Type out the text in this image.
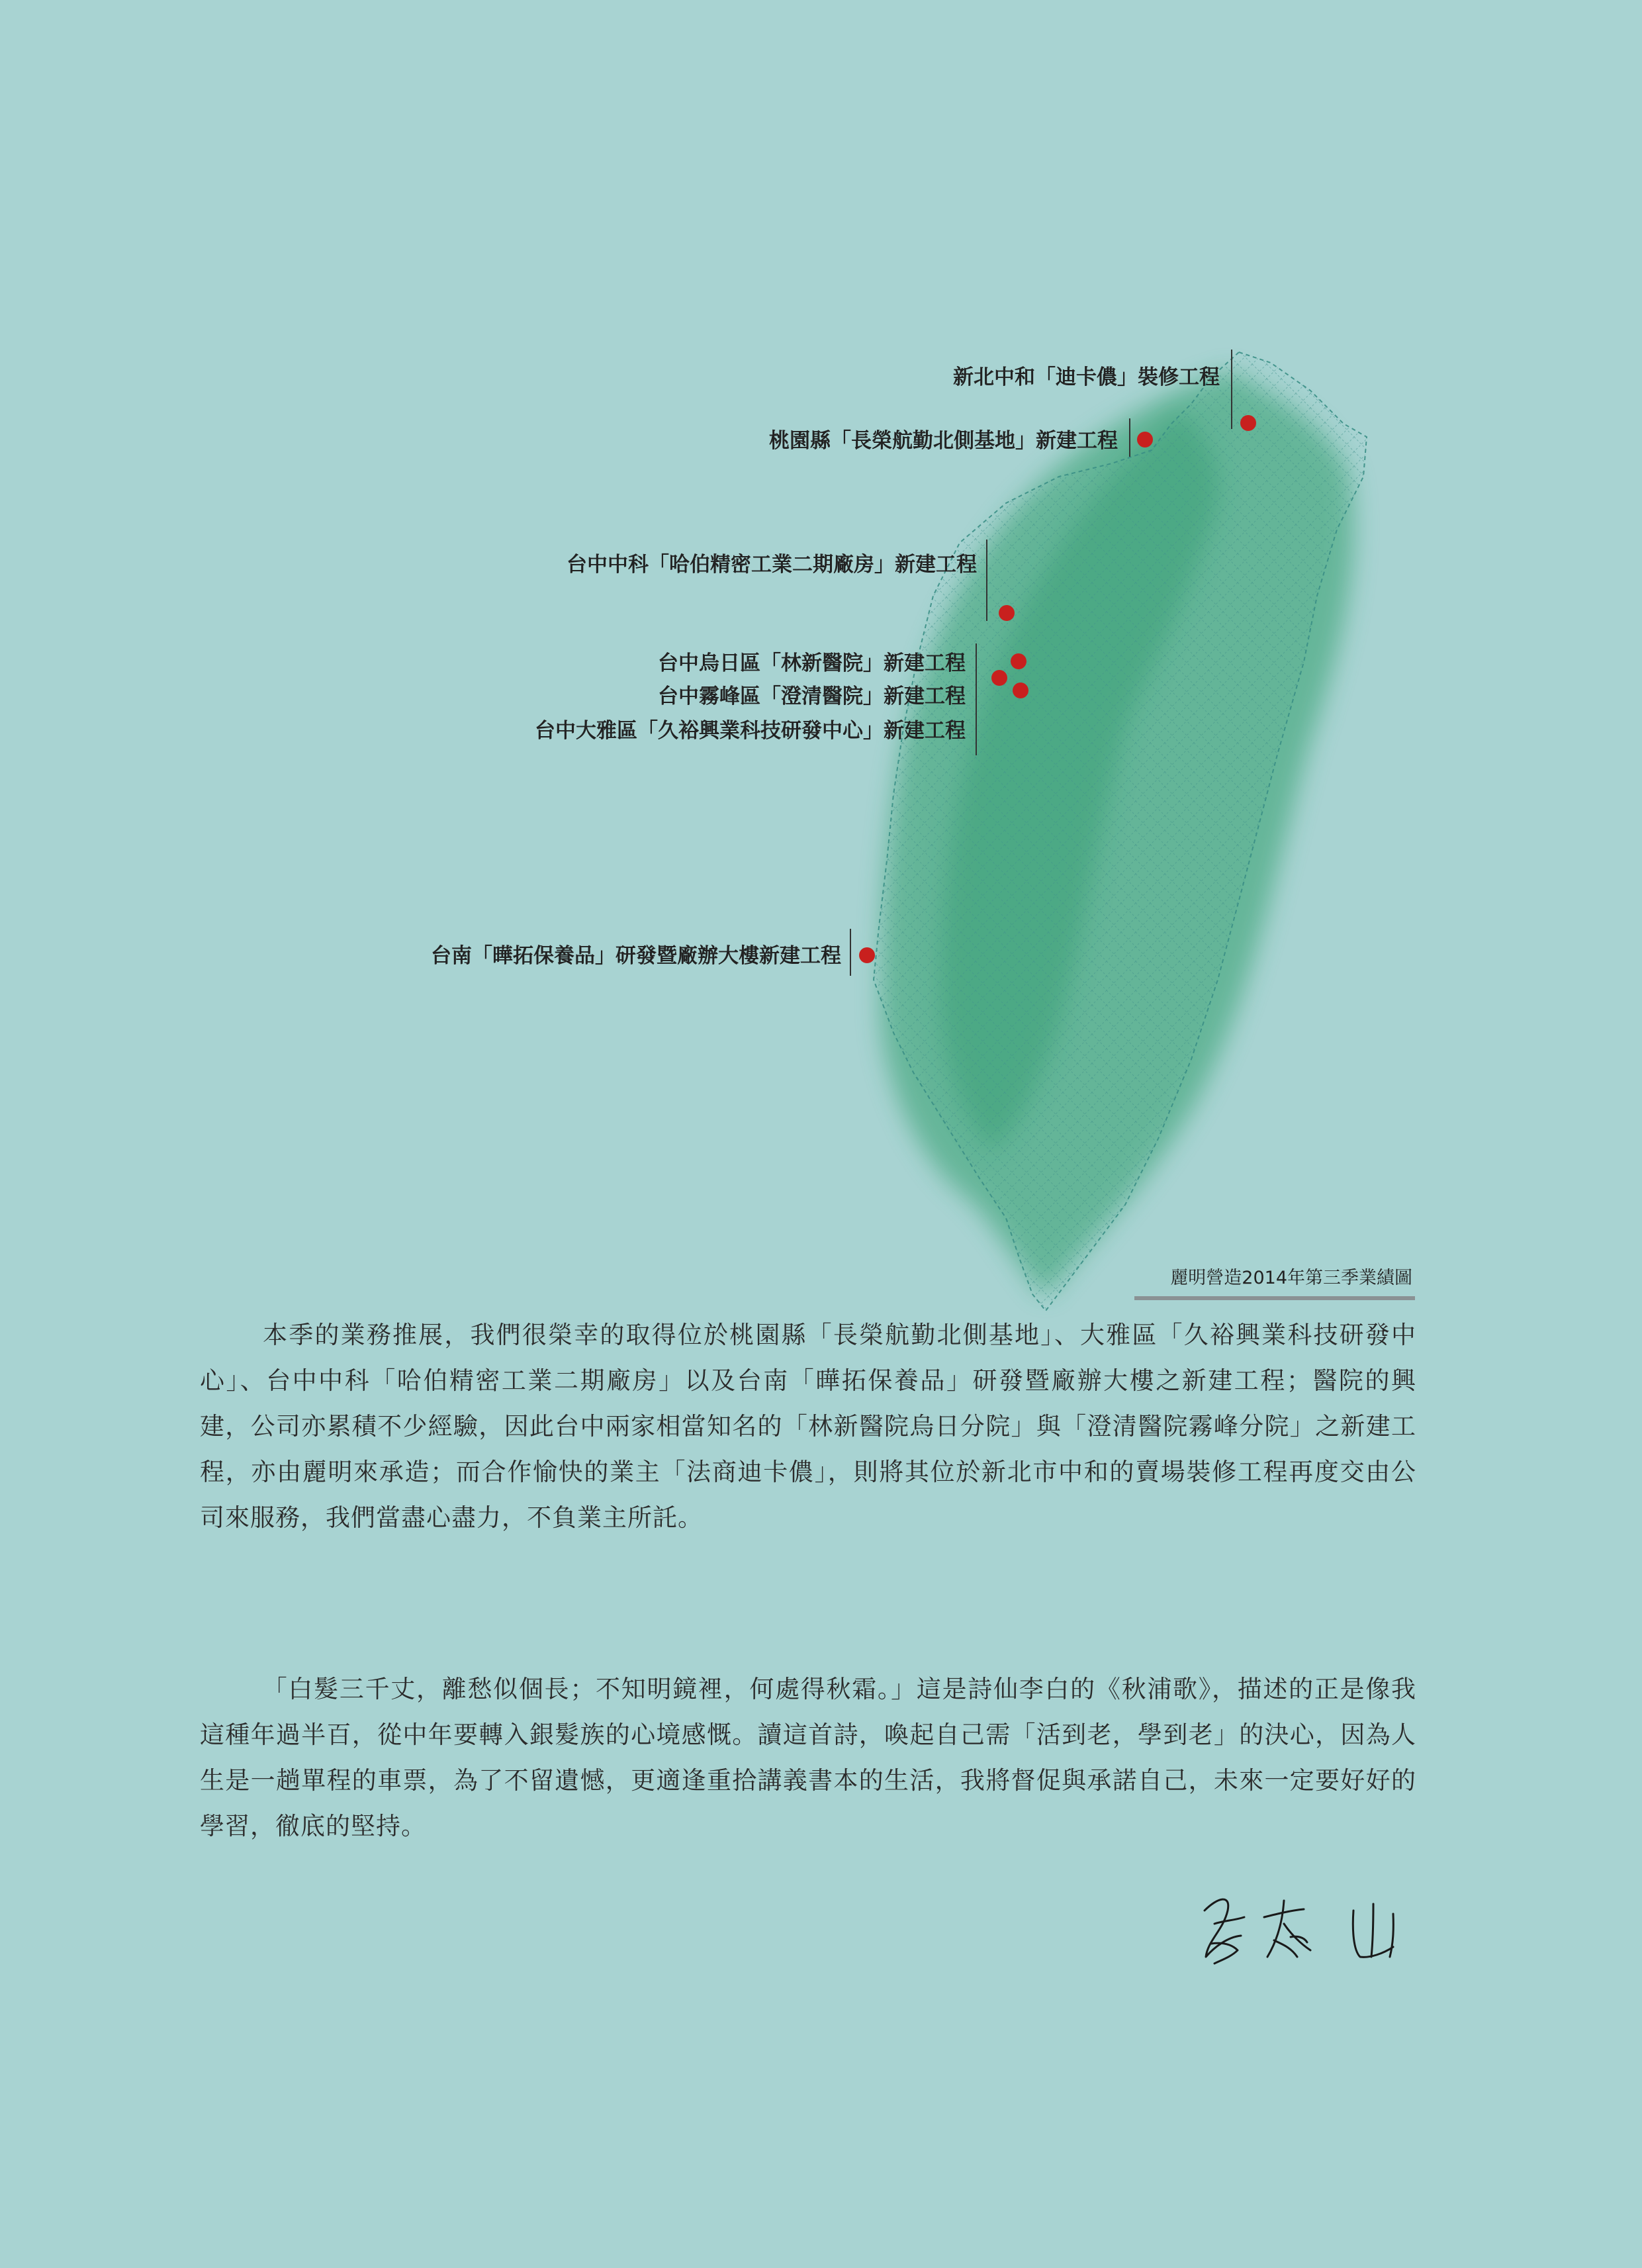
新北中和「迪卡儂」裝修工程
桃園縣「長榮航勤北側基地」新建工程
台中中科「哈伯精密工業二期廠房」新建工程
台中烏日區「林新醫院」新建工程
台中霧峰區「澄清醫院」新建工程
台中大雅區「久裕興業科技研發中心」新建工程
台南「曄拓保養品」研發暨廠辦大樓新建工程
麗明營造2014年第三季業績圖

本季的業務推展，我們很榮幸的取得位於桃園縣「長榮航勤北側基地」、大雅區「久裕興業科技研發中心」、台中中科「哈伯精密工業二期廠房」以及台南「曄拓保養品」研發暨廠辦大樓之新建工程；醫院的興建，公司亦累積不少經驗，因此台中兩家相當知名的「林新醫院烏日分院」與「澄清醫院霧峰分院」之新建工程，亦由麗明來承造；而合作愉快的業主「法商迪卡儂」，則將其位於新北市中和的賣場裝修工程再度交由公司來服務，我們當盡心盡力，不負業主所託。

「白髮三千丈，離愁似個長；不知明鏡裡，何處得秋霜。」這是詩仙李白的《秋浦歌》，描述的正是像我這種年過半百，從中年要轉入銀髮族的心境感慨。讀這首詩，喚起自己需「活到老，學到老」的決心，因為人生是一趟單程的車票，為了不留遺憾，更適逢重拾講義書本的生活，我將督促與承諾自己，未來一定要好好的學習，徹底的堅持。
